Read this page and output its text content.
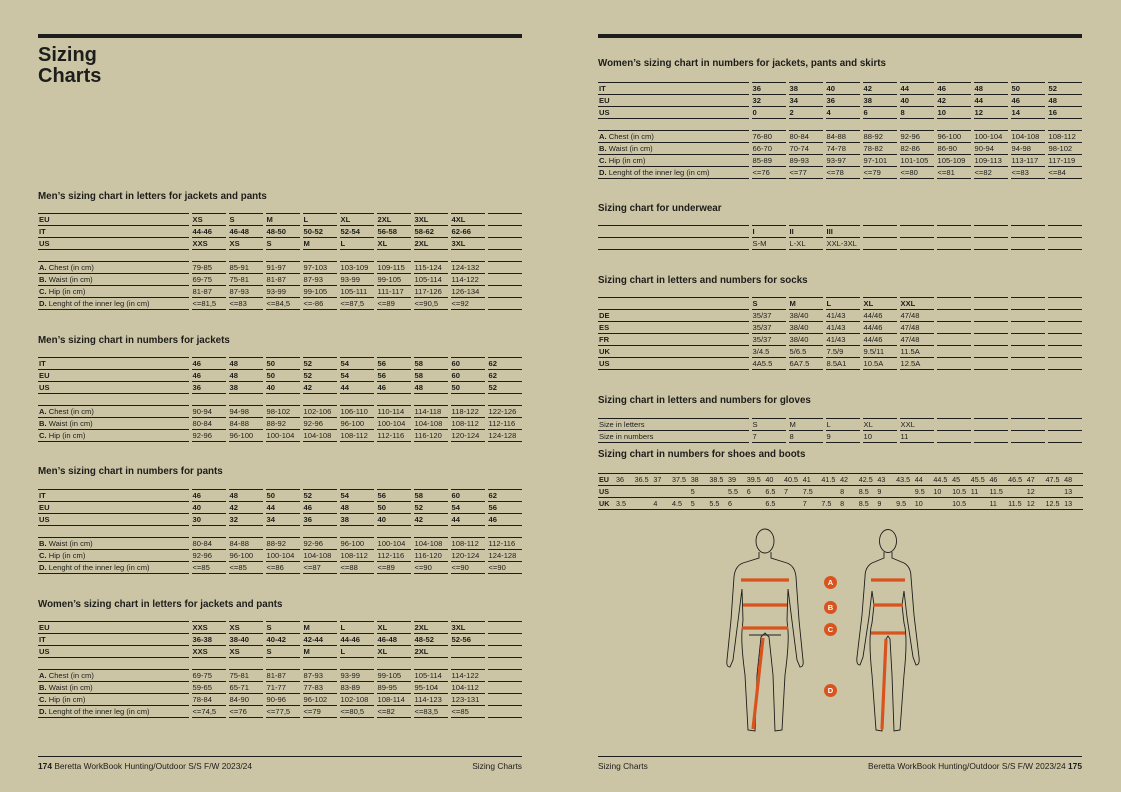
Sizing
Charts
Men’s sizing chart in letters for jackets and pants
EU	XS	S	M	L	XL	2XL	3XL	4XL	
IT	44-46	46-48	48-50	50-52	52-54	56-58	58-62	62-66	
US	XXS	XS	S	M	L	XL	2XL	3XL	

A. Chest (in cm)	79-85	85-91	91-97	97-103	103-109	109-115	115-124	124-132	
B. Waist (in cm)	69-75	75-81	81-87	87-93	93-99	99-105	105-114	114-122	
C. Hip (in cm)	81-87	87-93	93-99	99-105	105-111	111-117	117-126	126-134	
D. Lenght of the inner leg (in cm)	<=81,5	<=83	<=84,5	<=-86	<=87,5	<=89	<=90,5	<=92	
Men’s sizing chart in numbers for jackets
IT	46	48	50	52	54	56	58	60	62
EU	46	48	50	52	54	56	58	60	62
US	36	38	40	42	44	46	48	50	52

A. Chest (in cm)	90-94	94-98	98-102	102-106	106-110	110-114	114-118	118-122	122-126
B. Waist (in cm)	80-84	84-88	88-92	92-96	96-100	100-104	104-108	108-112	112-116
C. Hip (in cm)	92-96	96-100	100-104	104-108	108-112	112-116	116-120	120-124	124-128
Men’s sizing chart in numbers for pants
IT	46	48	50	52	54	56	58	60	62
EU	40	42	44	46	48	50	52	54	56
US	30	32	34	36	38	40	42	44	46

B. Waist (in cm)	80-84	84-88	88-92	92-96	96-100	100-104	104-108	108-112	112-116
C. Hip (in cm)	92-96	96-100	100-104	104-108	108-112	112-116	116-120	120-124	124-128
D. Lenght of the inner leg (in cm)	<=85	<=85	<=86	<=87	<=88	<=89	<=90	<=90	<=90
Women’s sizing chart in letters for jackets and pants
EU	XXS	XS	S	M	L	XL	2XL	3XL	
IT	36-38	38-40	40-42	42-44	44-46	46-48	48-52	52-56	
US	XXS	XS	S	M	L	XL	2XL		

A. Chest (in cm)	69-75	75-81	81-87	87-93	93-99	99-105	105-114	114-122	
B. Waist (in cm)	59-65	65-71	71-77	77-83	83-89	89-95	95-104	104-112	
C. Hip (in cm)	78-84	84-90	90-96	96-102	102-108	108-114	114-123	123-131	
D. Lenght of the inner leg (in cm)	<=74,5	<=76	<=77,5	<=79	<=80,5	<=82	<=83,5	<=85	
174 Beretta WorkBook Hunting/Outdoor S/S F/W 2023/24	Sizing Charts
Women’s sizing chart in numbers for jackets, pants and skirts
IT	36	38	40	42	44	46	48	50	52
EU	32	34	36	38	40	42	44	46	48
US	0	2	4	6	8	10	12	14	16

A. Chest (in cm)	76-80	80-84	84-88	88-92	92-96	96-100	100-104	104-108	108-112
B. Waist (in cm)	66-70	70-74	74-78	78-82	82-86	86-90	90-94	94-98	98-102
C. Hip (in cm)	85-89	89-93	93-97	97-101	101-105	105-109	109-113	113-117	117-119
D. Lenght of the inner leg (in cm)	<=76	<=77	<=78	<=79	<=80	<=81	<=82	<=83	<=84
Sizing chart for underwear
	I	II	III						
	S-M	L-XL	XXL-3XL						
Sizing chart in letters and numbers for socks
	S	M	L	XL	XXL				
DE	35/37	38/40	41/43	44/46	47/48				
ES	35/37	38/40	41/43	44/46	47/48				
FR	35/37	38/40	41/43	44/46	47/48				
UK	3/4.5	5/6.5	7.5/9	9.5/11	11.5A				
US	4A5.5	6A7.5	8.5A1	10.5A	12.5A				
Sizing chart in letters and numbers for gloves
Size in letters	S	M	L	XL	XXL				
Size in numbers	7	8	9	10	11				
Sizing chart in numbers for shoes and boots
EU	36	36.5	37	37.5	38	38.5	39	39.5	40	40.5	41	41.5	42	42.5	43	43.5	44	44.5	45	45.5	46	46.5	47	47.5	48	
US					5		5.5	6	6.5	7	7.5		8	8.5	9		9.5	10	10.5	11	11.5		12		13	
UK	3.5		4	4.5	5	5.5	6		6.5		7	7.5	8	8.5	9	9.5	10		10.5		11	11.5	12	12.5	13	
A
B
C
D
Sizing Charts	Beretta WorkBook Hunting/Outdoor S/S F/W 2023/24 175
